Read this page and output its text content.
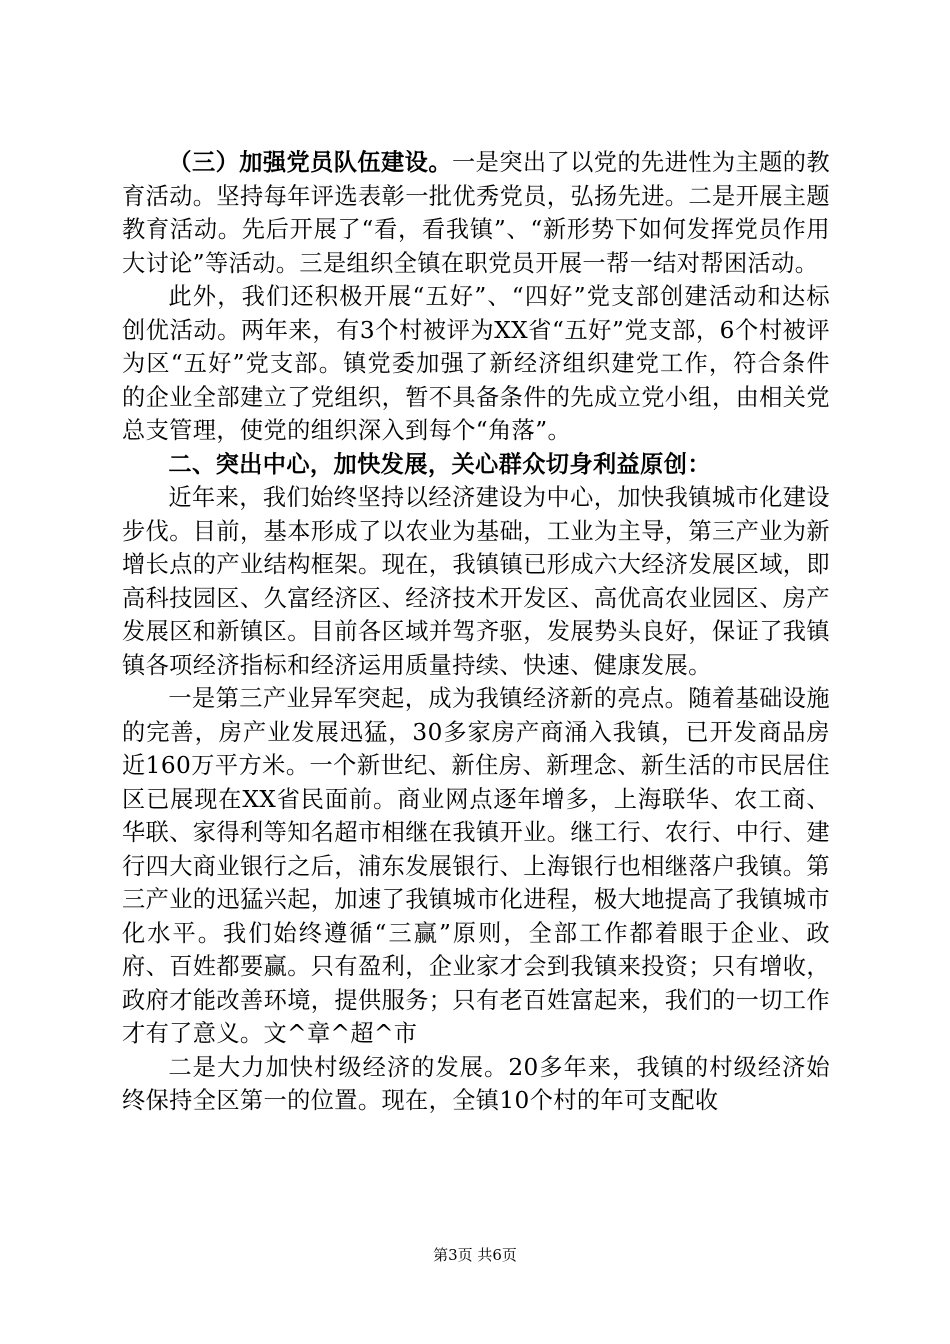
（三）加强党员队伍建设。一是突出了以党的先进性为主题的教育活动。坚持每年评选表彰一批优秀党员，弘扬先进。二是开展主题教育活动。先后开展了“看，看我镇”、“新形势下如何发挥党员作用大讨论”等活动。三是组织全镇在职党员开展一帮一结对帮困活动。

此外，我们还积极开展“五好”、“四好”党支部创建活动和达标创优活动。两年来，有3个村被评为XX省“五好”党支部，6个村被评为区“五好”党支部。镇党委加强了新经济组织建党工作，符合条件的企业全部建立了党组织，暂不具备条件的先成立党小组，由相关党总支管理，使党的组织深入到每个“角落”。

二、突出中心，加快发展，关心群众切身利益原创：

近年来，我们始终坚持以经济建设为中心，加快我镇城市化建设步伐。目前，基本形成了以农业为基础，工业为主导，第三产业为新增长点的产业结构框架。现在，我镇镇已形成六大经济发展区域，即高科技园区、久富经济区、经济技术开发区、高优高农业园区、房产发展区和新镇区。目前各区域并驾齐驱，发展势头良好，保证了我镇镇各项经济指标和经济运用质量持续、快速、健康发展。

一是第三产业异军突起，成为我镇经济新的亮点。随着基础设施的完善，房产业发展迅猛，30多家房产商涌入我镇，已开发商品房近160万平方米。一个新世纪、新住房、新理念、新生活的市民居住区已展现在XX省民面前。商业网点逐年增多，上海联华、农工商、华联、家得利等知名超市相继在我镇开业。继工行、农行、中行、建行四大商业银行之后，浦东发展银行、上海银行也相继落户我镇。第三产业的迅猛兴起，加速了我镇城市化进程，极大地提高了我镇城市化水平。我们始终遵循“三赢”原则，全部工作都着眼于企业、政府、百姓都要赢。只有盈利，企业家才会到我镇来投资；只有增收，政府才能改善环境，提供服务；只有老百姓富起来，我们的一切工作才有了意义。文^章^超^市

二是大力加快村级经济的发展。20多年来，我镇的村级经济始终保持全区第一的位置。现在，全镇10个村的年可支配收

第3页 共6页
